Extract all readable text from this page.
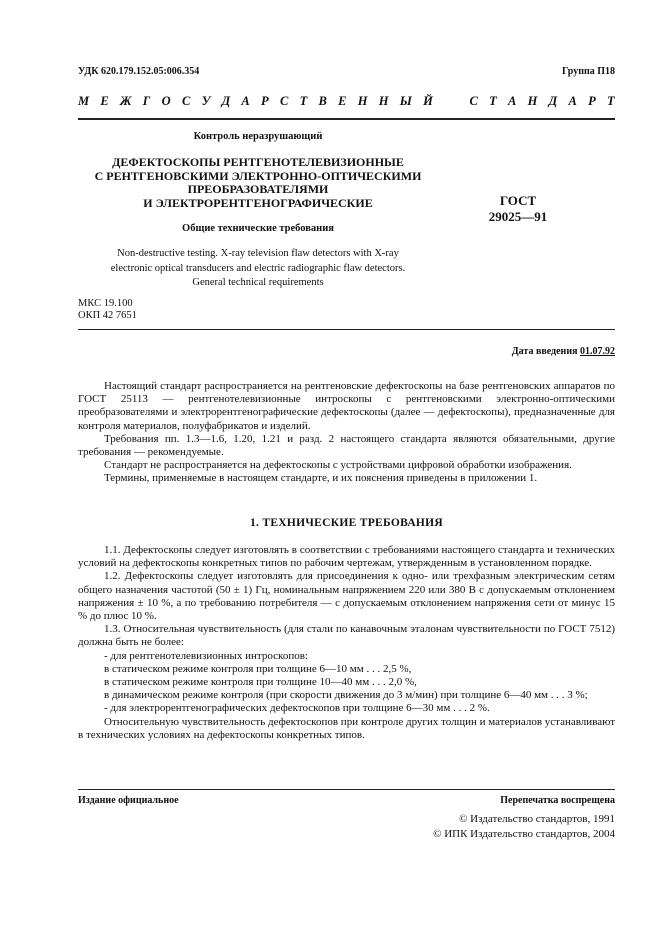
УДК 620.179.152.05:006.354	Группа П18
М Е Ж Г О С У Д А Р С Т В Е Н Н Ы Й	С Т А Н Д А Р Т
Контроль неразрушающий
ДЕФЕКТОСКОПЫ РЕНТГЕНОТЕЛЕВИЗИОННЫЕ
С РЕНТГЕНОВСКИМИ ЭЛЕКТРОННО-ОПТИЧЕСКИМИ
ПРЕОБРАЗОВАТЕЛЯМИ
И ЭЛЕКТРОРЕНТГЕНОГРАФИЧЕСКИЕ
Общие технические требования
Non-destructive testing. X-ray television flaw detectors with X-ray
electronic optical transducers and electric radiographic flaw detectors.
General technical requirements
ГОСТ
29025—91
МКС 19.100
ОКП 42 7651
Дата введения 01.07.92

Настоящий стандарт распространяется на рентгеновские дефектоскопы на базе рентгеновских аппаратов по ГОСТ 25113 — рентгенотелевизионные интроскопы с рентгеновскими электронно-оптическими преобразователями и электрорентгенографические дефектоскопы (далее — дефектоскопы), предназначенные для контроля материалов, полуфабрикатов и изделий.

Требования пп. 1.3—1.6, 1.20, 1.21 и разд. 2 настоящего стандарта являются обязательными, другие требования — рекомендуемые.

Стандарт не распространяется на дефектоскопы с устройствами цифровой обработки изображения.

Термины, применяемые в настоящем стандарте, и их пояснения приведены в приложении 1.

1. ТЕХНИЧЕСКИЕ ТРЕБОВАНИЯ

1.1. Дефектоскопы следует изготовлять в соответствии с требованиями настоящего стандарта и технических условий на дефектоскопы конкретных типов по рабочим чертежам, утвержденным в установленном порядке.

1.2. Дефектоскопы следует изготовлять для присоединения к одно- или трехфазным электрическим сетям общего назначения частотой (50 ± 1) Гц, номинальным напряжением 220 или 380 В с допускаемым отклонением напряжения ± 10 %, а по требованию потребителя — с допускаемым отклонением напряжения сети от минус 15 % до плюс 10 %.

1.3. Относительная чувствительность (для стали по канавочным эталонам чувствительности по ГОСТ 7512) должна быть не более:

- для рентгенотелевизионных интроскопов:

в статическом режиме контроля при толщине 6—10 мм . . . 2,5 %,

в статическом режиме контроля при толщине 10—40 мм . . . 2,0 %,

в динамическом режиме контроля (при скорости движения до 3 м/мин) при толщине 6—40 мм . . . 3 %;

- для электрорентгенографических дефектоскопов при толщине 6—30 мм . . . 2 %.

Относительную чувствительность дефектоскопов при контроле других толщин и материалов устанавливают в технических условиях на дефектоскопы конкретных типов.

Издание официальное	Перепечатка воспрещена
© Издательство стандартов, 1991
© ИПК Издательство стандартов, 2004
